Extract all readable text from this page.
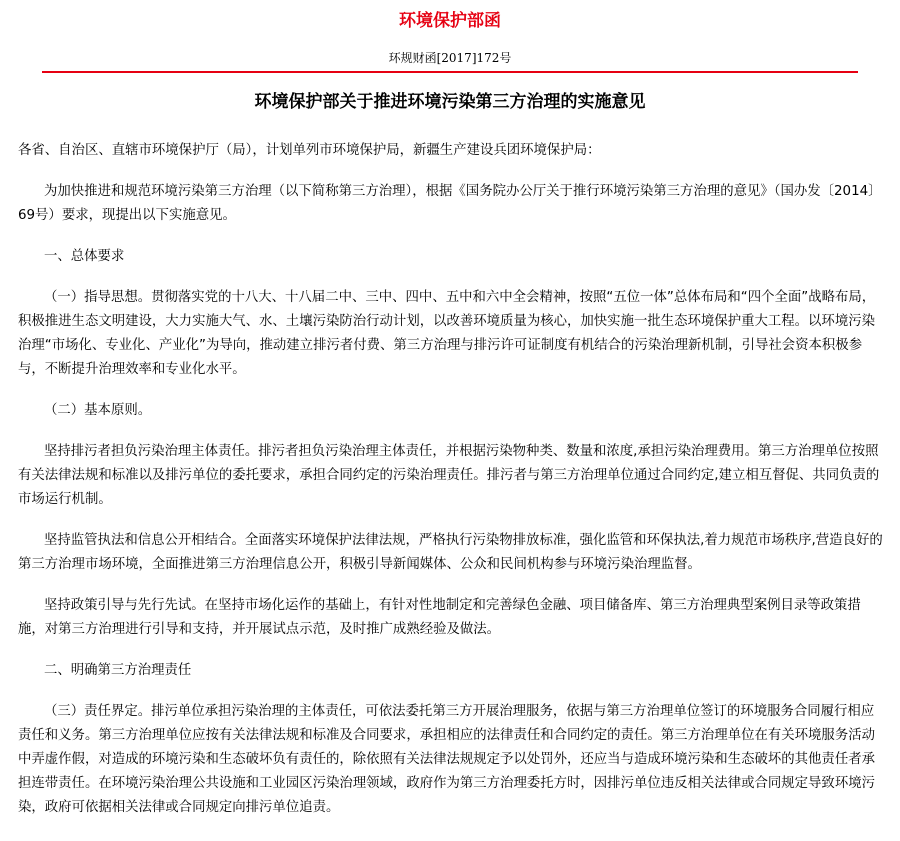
环境保护部函
环规财函[2017]172号
环境保护部关于推进环境污染第三方治理的实施意见

各省、自治区、直辖市环境保护厅（局），计划单列市环境保护局，新疆生产建设兵团环境保护局：

为加快推进和规范环境污染第三方治理（以下简称第三方治理），根据《国务院办公厅关于推行环境污染第三方治理的意见》（国办发〔2014〕69号）要求，现提出以下实施意见。

一、总体要求

（一）指导思想。贯彻落实党的十八大、十八届二中、三中、四中、五中和六中全会精神，按照“五位一体”总体布局和“四个全面”战略布局，积极推进生态文明建设，大力实施大气、水、土壤污染防治行动计划，以改善环境质量为核心，加快实施一批生态环境保护重大工程。以环境污染治理“市场化、专业化、产业化”为导向，推动建立排污者付费、第三方治理与排污许可证制度有机结合的污染治理新机制，引导社会资本积极参与，不断提升治理效率和专业化水平。

（二）基本原则。

坚持排污者担负污染治理主体责任。排污者担负污染治理主体责任，并根据污染物种类、数量和浓度,承担污染治理费用。第三方治理单位按照有关法律法规和标准以及排污单位的委托要求，承担合同约定的污染治理责任。排污者与第三方治理单位通过合同约定,建立相互督促、共同负责的市场运行机制。

坚持监管执法和信息公开相结合。全面落实环境保护法律法规，严格执行污染物排放标准，强化监管和环保执法,着力规范市场秩序,营造良好的第三方治理市场环境，全面推进第三方治理信息公开，积极引导新闻媒体、公众和民间机构参与环境污染治理监督。

坚持政策引导与先行先试。在坚持市场化运作的基础上，有针对性地制定和完善绿色金融、项目储备库、第三方治理典型案例目录等政策措施，对第三方治理进行引导和支持，并开展试点示范，及时推广成熟经验及做法。

二、明确第三方治理责任

（三）责任界定。排污单位承担污染治理的主体责任，可依法委托第三方开展治理服务，依据与第三方治理单位签订的环境服务合同履行相应责任和义务。第三方治理单位应按有关法律法规和标准及合同要求，承担相应的法律责任和合同约定的责任。第三方治理单位在有关环境服务活动中弄虚作假，对造成的环境污染和生态破坏负有责任的，除依照有关法律法规规定予以处罚外，还应当与造成环境污染和生态破坏的其他责任者承担连带责任。在环境污染治理公共设施和工业园区污染治理领域，政府作为第三方治理委托方时，因排污单位违反相关法律或合同规定导致环境污染，政府可依据相关法律或合同规定向排污单位追责。
